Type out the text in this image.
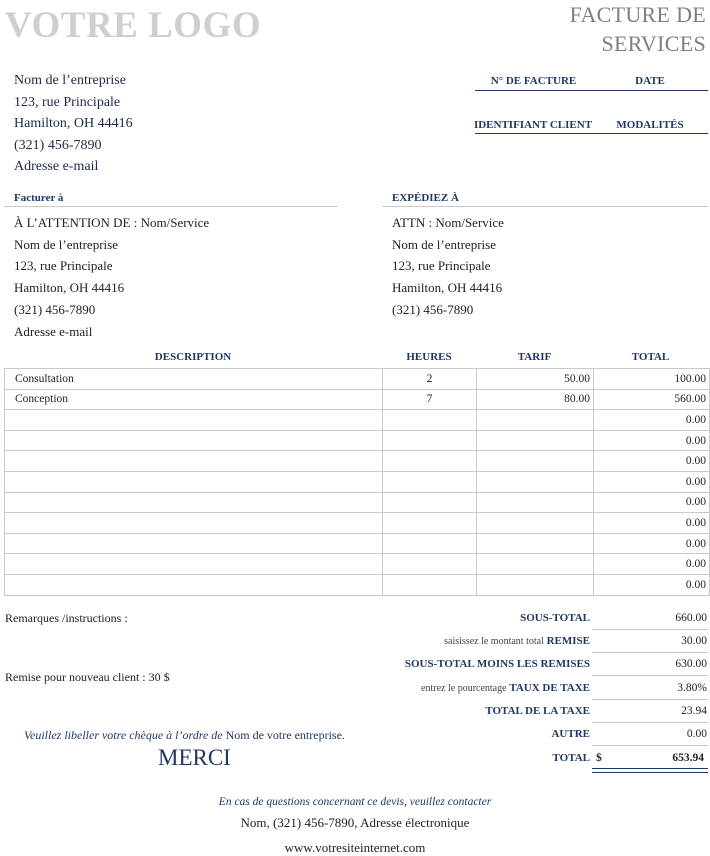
VOTRE LOGO	FACTURE DE
SERVICES
Nom de l’entreprise
123, rue Principale
Hamilton, OH 44416
(321) 456-7890
Adresse e-mail
N° DE FACTURE	DATE
IDENTIFIANT CLIENT	MODALITÉS
Facturer à	EXPÉDIEZ À
À L’ATTENTION DE : Nom/Service
Nom de l’entreprise
123, rue Principale
Hamilton, OH 44416
(321) 456-7890
Adresse e-mail
ATTN : Nom/Service
Nom de l’entreprise
123, rue Principale
Hamilton, OH 44416
(321) 456-7890
DESCRIPTION	HEURES	TARIF	TOTAL
Consultation	2	50.00	100.00
Conception	7	80.00	560.00
			0.00
			0.00
			0.00
			0.00
			0.00
			0.00
			0.00
			0.00
			0.00
Remarques /instructions :
Remise pour nouveau client : 30 $
Veuillez libeller votre chèque à l’ordre de Nom de votre entreprise.
MERCI
SOUS-TOTAL	660.00
saisissez le montant total REMISE	30.00
SOUS-TOTAL MOINS LES REMISES	630.00
entrez le pourcentage TAUX DE TAXE	3.80%
TOTAL DE LA TAXE	23.94
AUTRE	0.00
TOTAL $	653.94
En cas de questions concernant ce devis, veuillez contacter
Nom, (321) 456-7890, Adresse électronique
www.votresiteinternet.com
